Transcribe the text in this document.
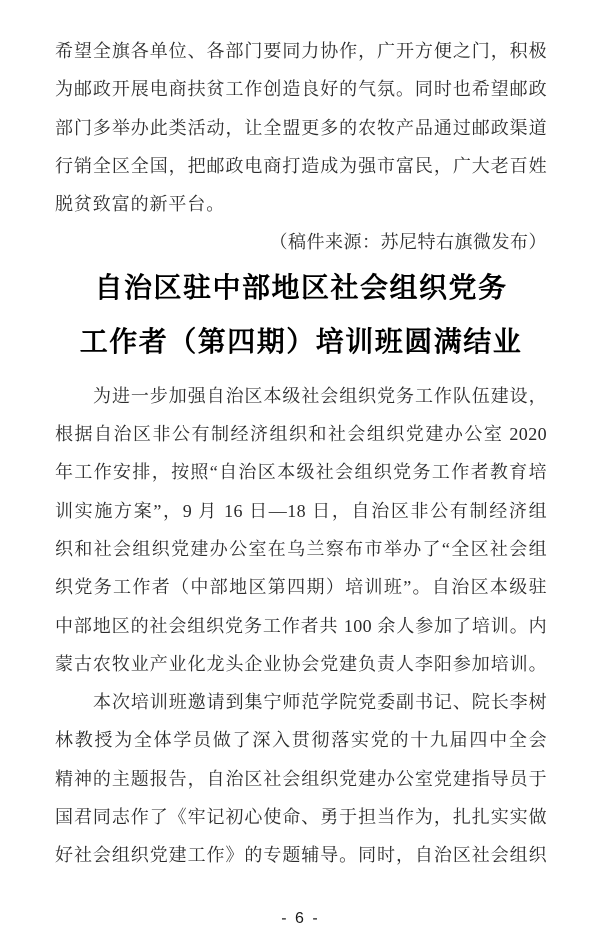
希望全旗各单位、各部门要同力协作，广开方便之门，积极
为邮政开展电商扶贫工作创造良好的气氛。同时也希望邮政
部门多举办此类活动，让全盟更多的农牧产品通过邮政渠道
行销全区全国，把邮政电商打造成为强市富民，广大老百姓
脱贫致富的新平台。
（稿件来源：苏尼特右旗微发布）
自治区驻中部地区社会组织党务
工作者（第四期）培训班圆满结业
为进一步加强自治区本级社会组织党务工作队伍建设，
根据自治区非公有制经济组织和社会组织党建办公室 2020
年工作安排，按照“自治区本级社会组织党务工作者教育培
训实施方案”，9 月 16 日—18 日，自治区非公有制经济组
织和社会组织党建办公室在乌兰察布市举办了“全区社会组
织党务工作者（中部地区第四期）培训班”。自治区本级驻
中部地区的社会组织党务工作者共 100 余人参加了培训。内
蒙古农牧业产业化龙头企业协会党建负责人李阳参加培训。
本次培训班邀请到集宁师范学院党委副书记、院长李树
林教授为全体学员做了深入贯彻落实党的十九届四中全会
精神的主题报告，自治区社会组织党建办公室党建指导员于
国君同志作了《牢记初心使命、勇于担当作为，扎扎实实做
好社会组织党建工作》的专题辅导。同时，自治区社会组织
- 6 -
